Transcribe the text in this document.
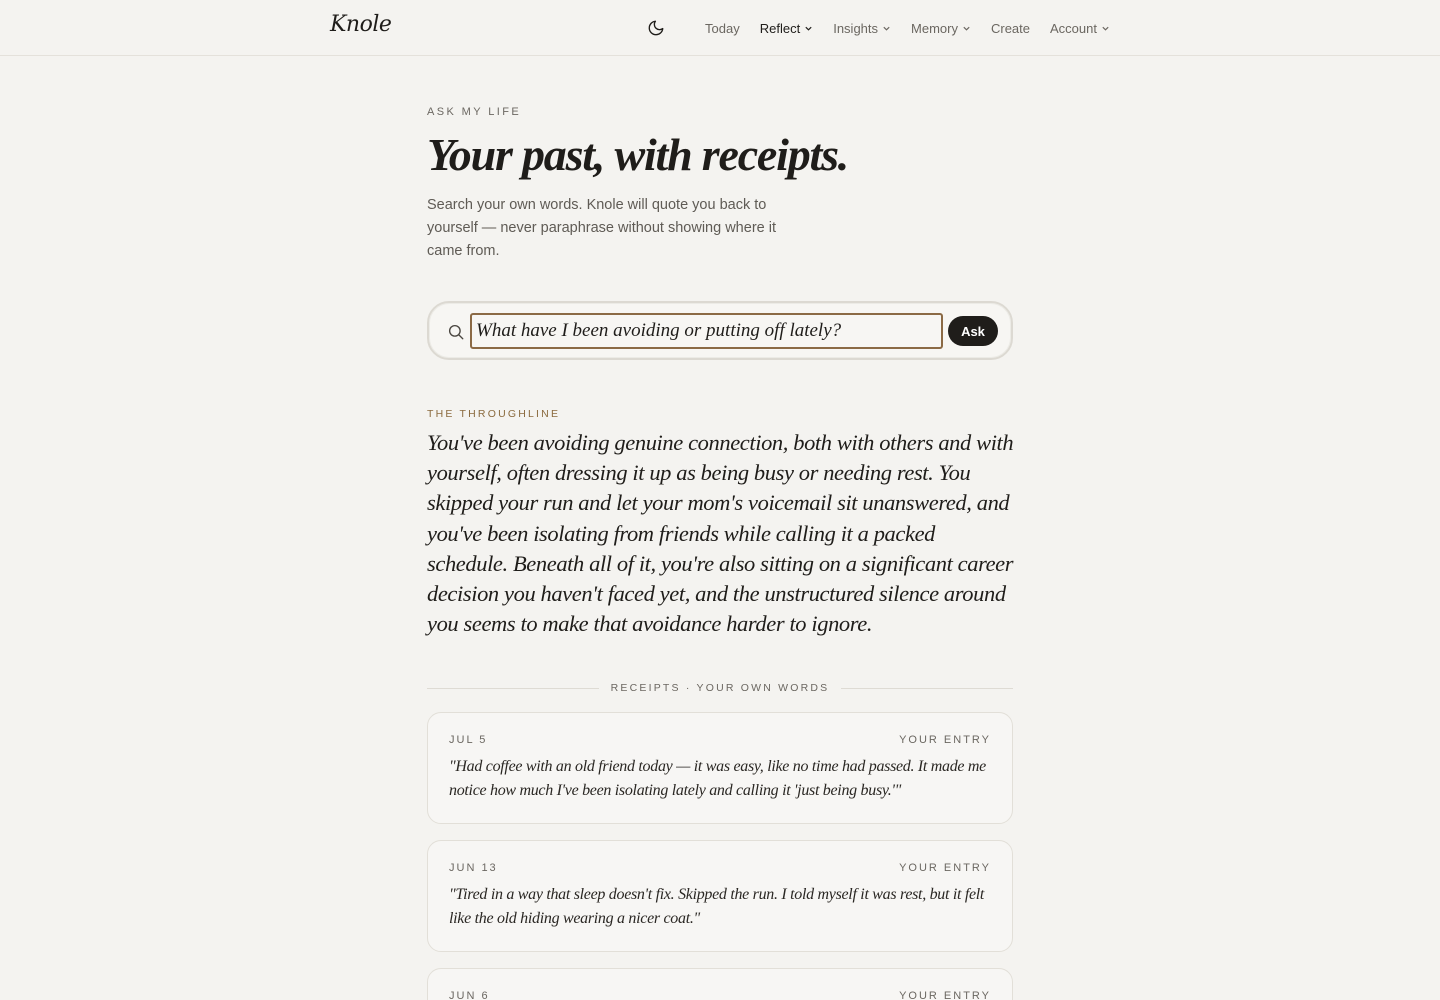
Knole	Today Reflect	Insights	Memory	Create Account
ASK MY LIFE
Your past, with receipts.

Search your own words. Knole will quote you back to yourself — never paraphrase without showing where it came from.

What have I been avoiding or putting off lately?
Ask
THE THROUGHLINE

You've been avoiding genuine connection, both with others and with yourself, often dressing it up as being busy or needing rest. You skipped your run and let your mom's voicemail sit unanswered, and you've been isolating from friends while calling it a packed schedule. Beneath all of it, you're also sitting on a significant career decision you haven't faced yet, and the unstructured silence around you seems to make that avoidance harder to ignore.

RECEIPTS · YOUR OWN WORDS
JUL 5	YOUR ENTRY

"Had coffee with an old friend today — it was easy, like no time had passed. It made me notice how much I've been isolating lately and calling it 'just being busy.'"

JUN 13	YOUR ENTRY

"Tired in a way that sleep doesn't fix. Skipped the run. I told myself it was rest, but it felt like the old hiding wearing a nicer coat."

JUN 6	YOUR ENTRY
